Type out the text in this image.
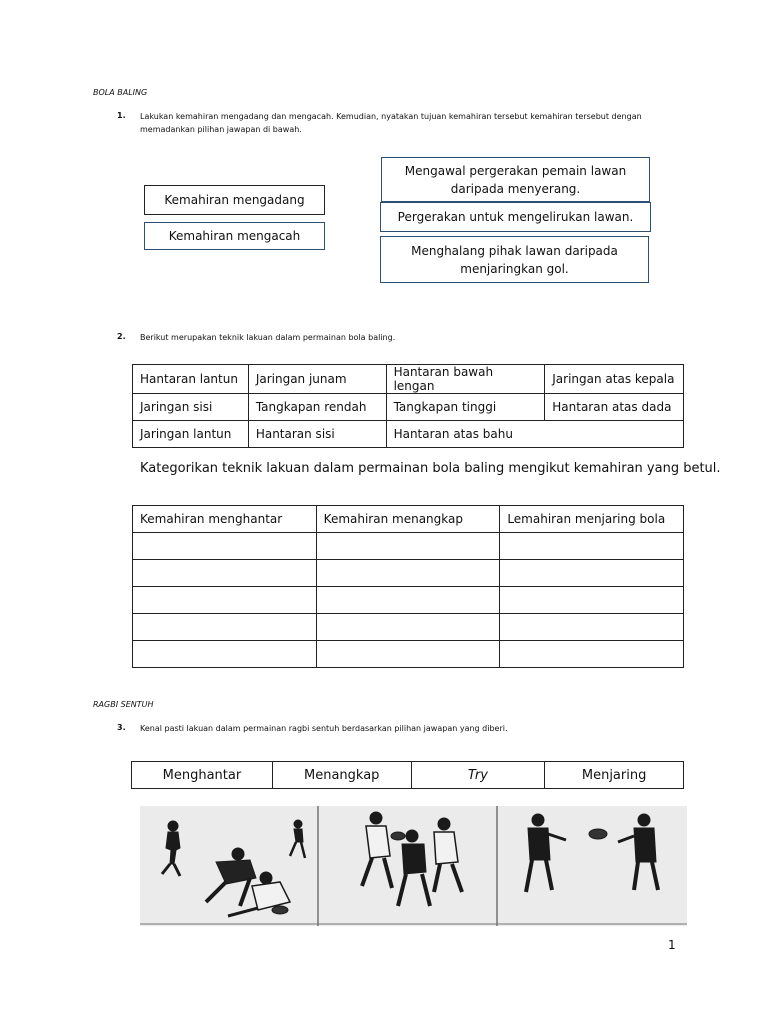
BOLA BALING
1. Lakukan kemahiran mengadang dan mengacah. Kemudian, nyatakan tujuan kemahiran tersebut kemahiran tersebut dengan
memadankan pilihan jawapan di bawah.
Kemahiran mengadang
Kemahiran mengacah
Mengawal pergerakan pemain lawan daripada menyerang.
Pergerakan untuk mengelirukan lawan.
Menghalang pihak lawan daripada menjaringkan gol.
2. Berikut merupakan teknik lakuan dalam permainan bola baling.
Hantaran lantun	Jaringan junam	Hantaran bawah lengan	Jaringan atas kepala
Jaringan sisi	Tangkapan rendah	Tangkapan tinggi	Hantaran atas dada
Jaringan lantun	Hantaran sisi	Hantaran atas bahu	
Kategorikan teknik lakuan dalam permainan bola baling mengikut kemahiran yang betul.
Kemahiran menghantar	Kemahiran menangkap	Lemahiran menjaring bola

RAGBI SENTUH
3. Kenal pasti lakuan dalam permainan ragbi sentuh berdasarkan pilihan jawapan yang diberi.
Menghantar	Menangkap	Try	Menjaring
1
